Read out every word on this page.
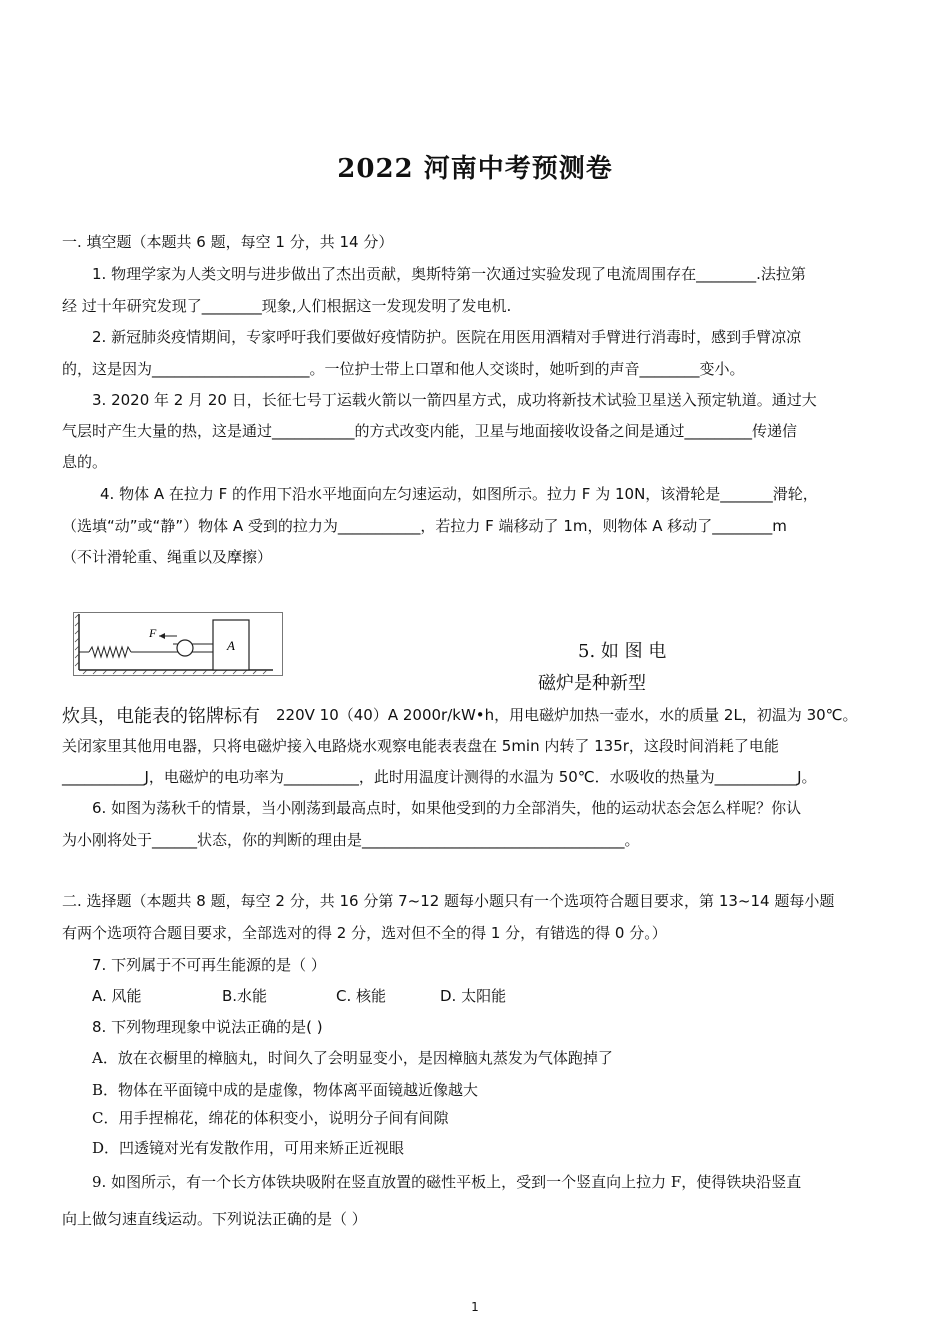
2022 河南中考预测卷
一. 填空题（本题共 6 题，每空 1 分，共 14 分）
1. 物理学家为人类文明与进步做出了杰出贡献，奥斯特第一次通过实验发现了电流周围存在________.法拉第
经 过十年研究发现了________现象,人们根据这一发现发明了发电机.
2. 新冠肺炎疫情期间，专家呼吁我们要做好疫情防护。医院在用医用酒精对手臂进行消毒时，感到手臂凉凉
的，这是因为_____________________。一位护士带上口罩和他人交谈时，她听到的声音________变小。
3. 2020 年 2 月 20 日，长征七号丁运载火箭以一箭四星方式，成功将新技术试验卫星送入预定轨道。通过大
气层时产生大量的热，这是通过___________的方式改变内能，卫星与地面接收设备之间是通过_________传递信
息的。
4. 物体 A 在拉力 F 的作用下沿水平地面向左匀速运动，如图所示。拉力 F 为 10N，该滑轮是_______滑轮，
（选填“动”或“静”）物体 A 受到的拉力为___________，若拉力 F 端移动了 1m，则物体 A 移动了________m
（不计滑轮重、绳重以及摩擦）
F
A	5. 如 图 电
磁炉是种新型
炊具，电能表的铭牌标有 220V 10（40）A 2000r/kW•h，用电磁炉加热一壶水，水的质量 2L，初温为 30℃。
关闭家里其他用电器，只将电磁炉接入电路烧水观察电能表表盘在 5min 内转了 135r，这段时间消耗了电能
___________J，电磁炉的电功率为__________，此时用温度计测得的水温为 50℃．水吸收的热量为___________J。
6. 如图为荡秋千的情景，当小刚荡到最高点时，如果他受到的力全部消失，他的运动状态会怎么样呢？你认
为小刚将处于______状态，你的判断的理由是___________________________________。
二. 选择题（本题共 8 题，每空 2 分，共 16 分第 7~12 题每小题只有一个选项符合题目要求，第 13~14 题每小题
有两个选项符合题目要求，全部选对的得 2 分，选对但不全的得 1 分，有错选的得 0 分。）
7. 下列属于不可再生能源的是（ ）
A. 风能	B.水能	C. 核能	D. 太阳能
8. 下列物理现象中说法正确的是( )
A．放在衣橱里的樟脑丸，时间久了会明显变小，是因樟脑丸蒸发为气体跑掉了
B．物体在平面镜中成的是虚像，物体离平面镜越近像越大
C．用手捏棉花，绵花的体积变小，说明分子间有间隙
D．凹透镜对光有发散作用，可用来矫正近视眼
9. 如图所示，有一个长方体铁块吸附在竖直放置的磁性平板上，受到一个竖直向上拉力 F，使得铁块沿竖直
向上做匀速直线运动。下列说法正确的是（ ）
1
